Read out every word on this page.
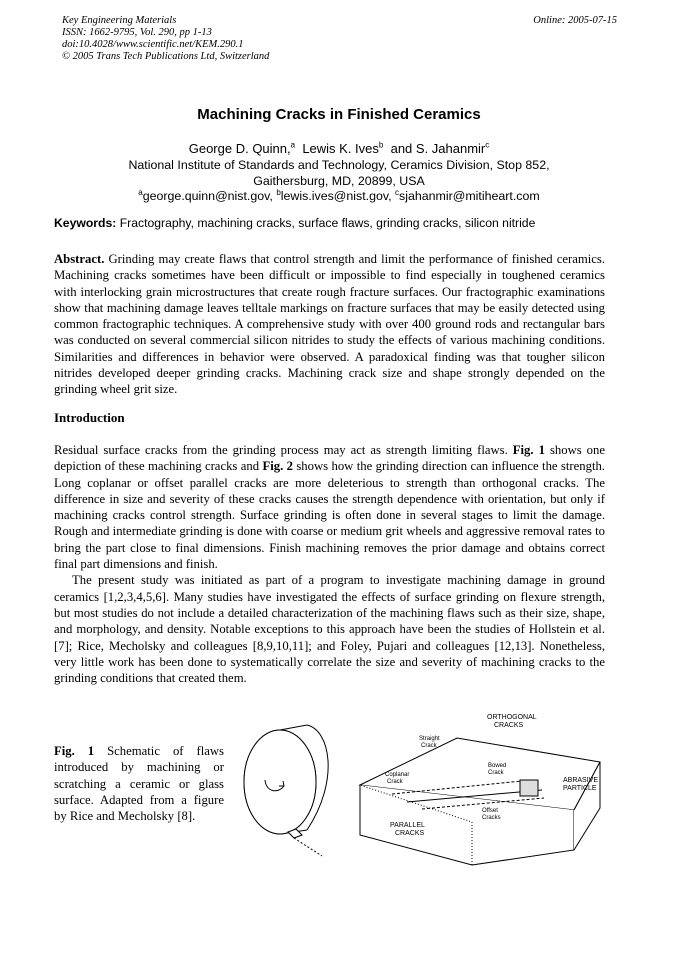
Key Engineering Materials
ISSN: 1662-9795, Vol. 290, pp 1-13
doi:10.4028/www.scientific.net/KEM.290.1
© 2005 Trans Tech Publications Ltd, Switzerland
Online: 2005-07-15
Machining Cracks in Finished Ceramics
George D. Quinn,$^a$ Lewis K. Ives$^b$ and S. Jahanmir$^c$
National Institute of Standards and Technology, Ceramics Division, Stop 852,
Gaithersburg, MD, 20899, USA
$^a$george.quinn@nist.gov, $^b$lewis.ives@nist.gov, $^c$sjahanmir@mitiheart.com
Keywords: Fractography, machining cracks, surface flaws, grinding cracks, silicon nitride
Abstract. Grinding may create flaws that control strength and limit the performance of finished ceramics. Machining cracks sometimes have been difficult or impossible to find especially in toughened ceramics with interlocking grain microstructures that create rough fracture surfaces. Our fractographic examinations show that machining damage leaves telltale markings on fracture surfaces that may be easily detected using common fractographic techniques. A comprehensive study with over 400 ground rods and rectangular bars was conducted on several commercial silicon nitrides to study the effects of various machining conditions. Similarities and differences in behavior were observed. A paradoxical finding was that tougher silicon nitrides developed deeper grinding cracks. Machining crack size and shape strongly depended on the grinding wheel grit size.
Introduction

Residual surface cracks from the grinding process may act as strength limiting flaws. Fig. 1 shows one depiction of these machining cracks and Fig. 2 shows how the grinding direction can influence the strength. Long coplanar or offset parallel cracks are more deleterious to strength than orthogonal cracks. The difference in size and severity of these cracks causes the strength dependence with orientation, but only if machining cracks control strength. Surface grinding is often done in several stages to limit the damage. Rough and intermediate grinding is done with coarse or medium grit wheels and aggressive removal rates to bring the part close to final dimensions. Finish machining removes the prior damage and obtains correct final part dimensions and finish.

The present study was initiated as part of a program to investigate machining damage in ground ceramics [1,2,3,4,5,6]. Many studies have investigated the effects of surface grinding on flexure strength, but most studies do not include a detailed characterization of the machining flaws such as their size, shape, and morphology, and density. Notable exceptions to this approach have been the studies of Hollstein et al. [7]; Rice, Mecholsky and colleagues [8,9,10,11]; and Foley, Pujari and colleagues [12,13]. Nonetheless, very little work has been done to systematically correlate the size and severity of machining cracks to the grinding conditions that created them.

Fig. 1 Schematic of flaws introduced by machining or scratching a ceramic or glass surface. Adapted from a figure by Rice and Mecholsky [8].
ORTHOGONAL
CRACKS
Straight
Crack
Bowed
Crack
Coplanar
Crack
Offset
Cracks
ABRASIVE
PARTICLE
PARALLEL
CRACKS
